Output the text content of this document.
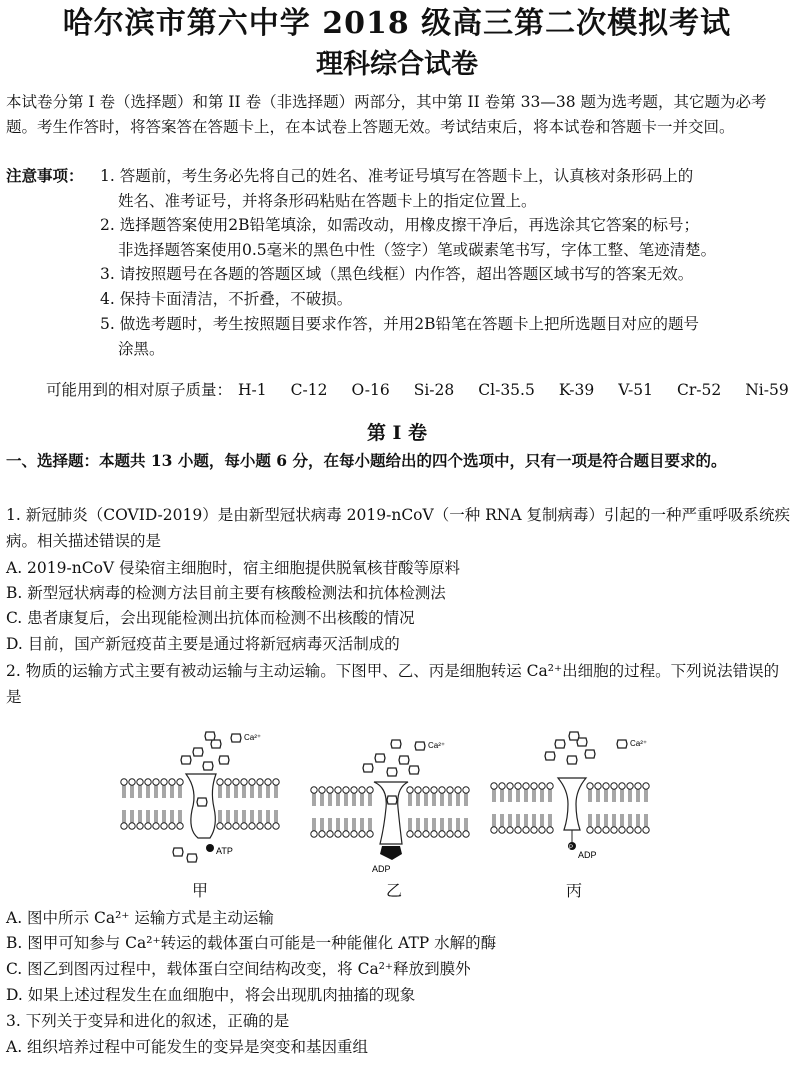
哈尔滨市第六中学 2018 级高三第二次模拟考试
理科综合试卷
本试卷分第 I 卷（选择题）和第 II 卷（非选择题）两部分，其中第 II 卷第 33—38 题为选考题，其它题为必考题。考生作答时，将答案答在答题卡上，在本试卷上答题无效。考试结束后，将本试卷和答题卡一并交回。
注意事项： 1. 答题前，考生务必先将自己的姓名、准考证号填写在答题卡上，认真核对条形码上的
姓名、准考证号，并将条形码粘贴在答题卡上的指定位置上。
2. 选择题答案使用2B铅笔填涂，如需改动，用橡皮擦干净后，再选涂其它答案的标号；
非选择题答案使用0.5毫米的黑色中性（签字）笔或碳素笔书写，字体工整、笔迹清楚。
3. 请按照题号在各题的答题区域（黑色线框）内作答，超出答题区域书写的答案无效。
4. 保持卡面清洁，不折叠，不破损。
5. 做选考题时，考生按照题目要求作答，并用2B铅笔在答题卡上把所选题目对应的题号
涂黑。
可能用到的相对原子质量： H-1 C-12 O-16 Si-28 Cl-35.5 K-39 V-51 Cr-52 Ni-59
第 I 卷
一、选择题：本题共 13 小题，每小题 6 分，在每小题给出的四个选项中，只有一项是符合题目要求的。
1. 新冠肺炎（COVID-2019）是由新型冠状病毒 2019-nCoV（一种 RNA 复制病毒）引起的一种严重呼吸系统疾病。相关描述错误的是
A. 2019-nCoV 侵染宿主细胞时，宿主细胞提供脱氧核苷酸等原料
B. 新型冠状病毒的检测方法目前主要有核酸检测法和抗体检测法
C. 患者康复后，会出现能检测出抗体而检测不出核酸的情况
D. 目前，国产新冠疫苗主要是通过将新冠病毒灭活制成的
2. 物质的运输方式主要有被动运输与主动运输。下图甲、乙、丙是细胞转运 Ca²⁺出细胞的过程。下列说法错误的是
ATP
Ca²⁺
ADP
Ca²⁺
P
ADP
Ca²⁺
甲	乙	丙
A. 图中所示 Ca²⁺ 运输方式是主动运输
B. 图甲可知参与 Ca²⁺转运的载体蛋白可能是一种能催化 ATP 水解的酶
C. 图乙到图丙过程中，载体蛋白空间结构改变，将 Ca²⁺释放到膜外
D. 如果上述过程发生在血细胞中，将会出现肌肉抽搐的现象
3. 下列关于变异和进化的叙述，正确的是
A. 组织培养过程中可能发生的变异是突变和基因重组
